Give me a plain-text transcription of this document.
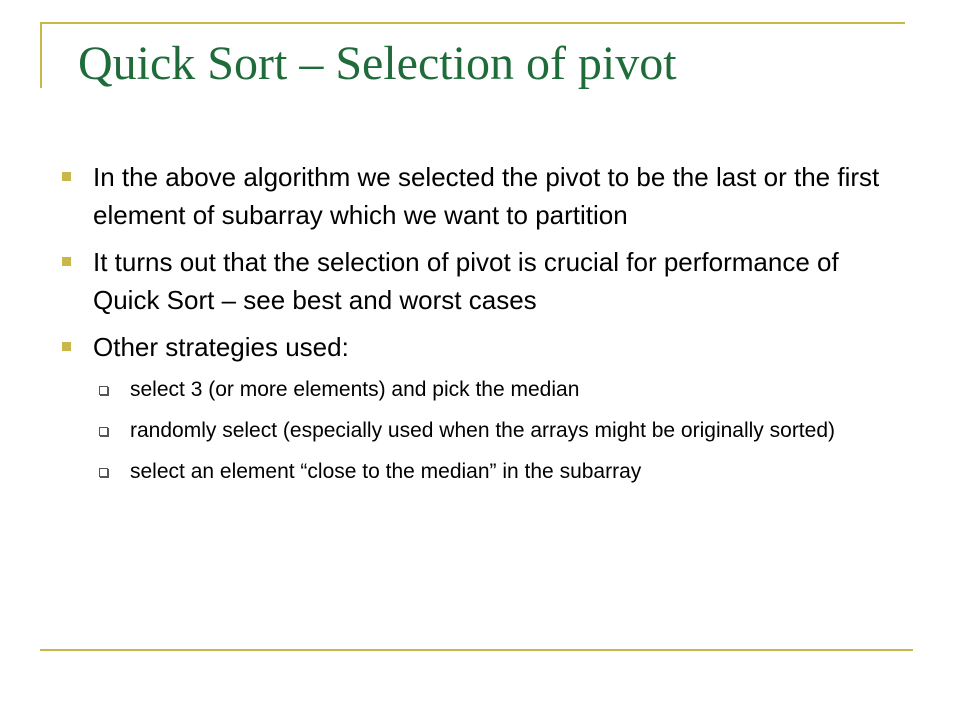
Quick Sort – Selection of pivot
In the above algorithm we selected the pivot to be the last or the first element of subarray which we want to partition
It turns out that the selection of pivot is crucial for performance of Quick Sort – see best and worst cases
Other strategies used:
select 3 (or more elements) and pick the median
randomly select (especially used when the arrays might be originally sorted)
select an element “close to the median” in the subarray
